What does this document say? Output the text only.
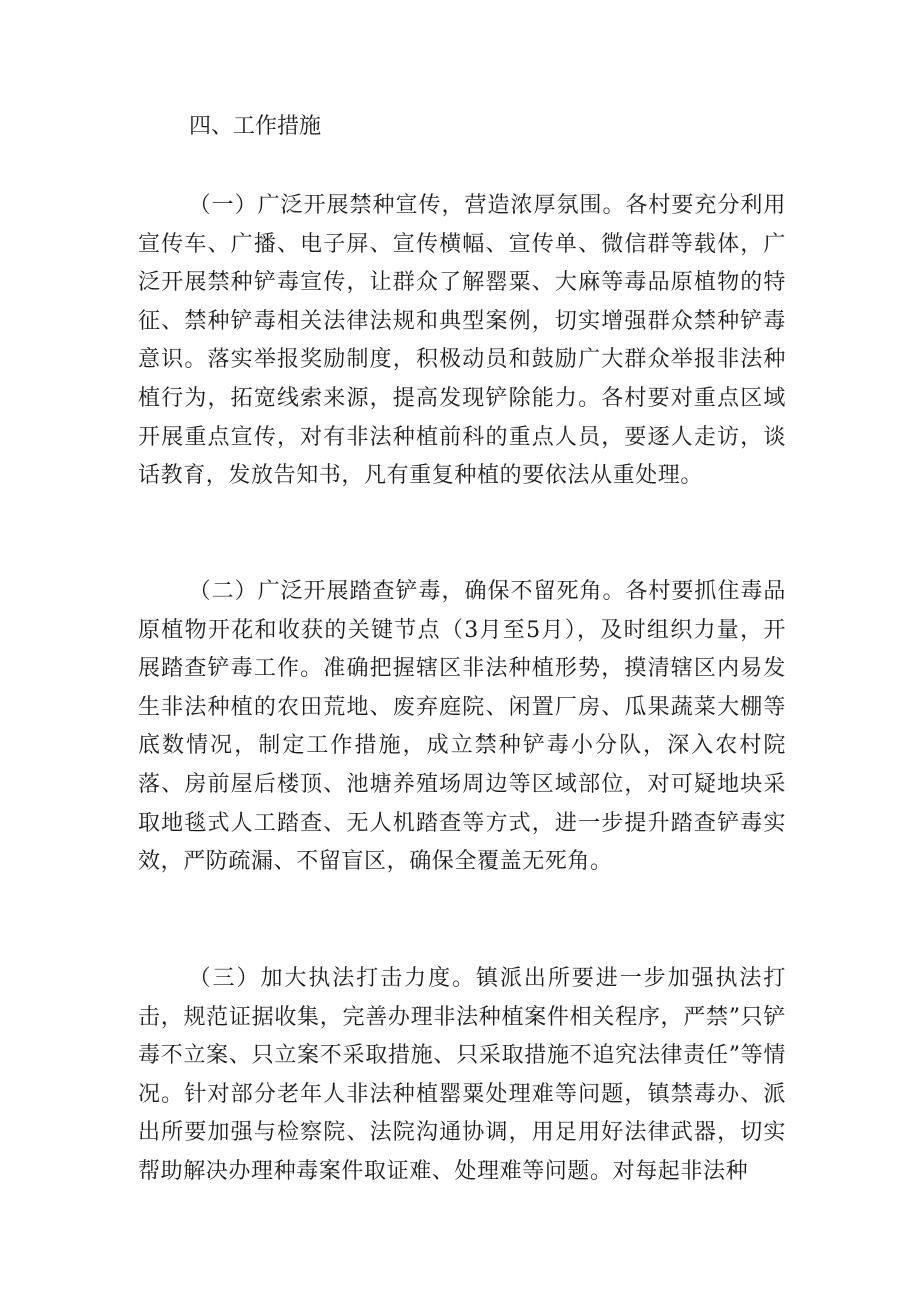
四、工作措施

（一）广泛开展禁种宣传，营造浓厚氛围。各村要充分利用宣传车、广播、电子屏、宣传横幅、宣传单、微信群等载体，广泛开展禁种铲毒宣传，让群众了解罂粟、大麻等毒品原植物的特征、禁种铲毒相关法律法规和典型案例，切实增强群众禁种铲毒意识。落实举报奖励制度，积极动员和鼓励广大群众举报非法种植行为，拓宽线索来源，提高发现铲除能力。各村要对重点区域开展重点宣传，对有非法种植前科的重点人员，要逐人走访，谈话教育，发放告知书，凡有重复种植的要依法从重处理。

（二）广泛开展踏查铲毒，确保不留死角。各村要抓住毒品原植物开花和收获的关键节点（3月至5月），及时组织力量，开展踏查铲毒工作。准确把握辖区非法种植形势，摸清辖区内易发生非法种植的农田荒地、废弃庭院、闲置厂房、瓜果蔬菜大棚等底数情况，制定工作措施，成立禁种铲毒小分队，深入农村院落、房前屋后楼顶、池塘养殖场周边等区域部位，对可疑地块采取地毯式人工踏查、无人机踏查等方式，进一步提升踏查铲毒实效，严防疏漏、不留盲区，确保全覆盖无死角。

（三）加大执法打击力度。镇派出所要进一步加强执法打击，规范证据收集，完善办理非法种植案件相关程序，严禁”只铲毒不立案、只立案不采取措施、只采取措施不追究法律责任”等情况。针对部分老年人非法种植罂粟处理难等问题，镇禁毒办、派出所要加强与检察院、法院沟通协调，用足用好法律武器，切实帮助解决办理种毒案件取证难、处理难等问题。对每起非法种
